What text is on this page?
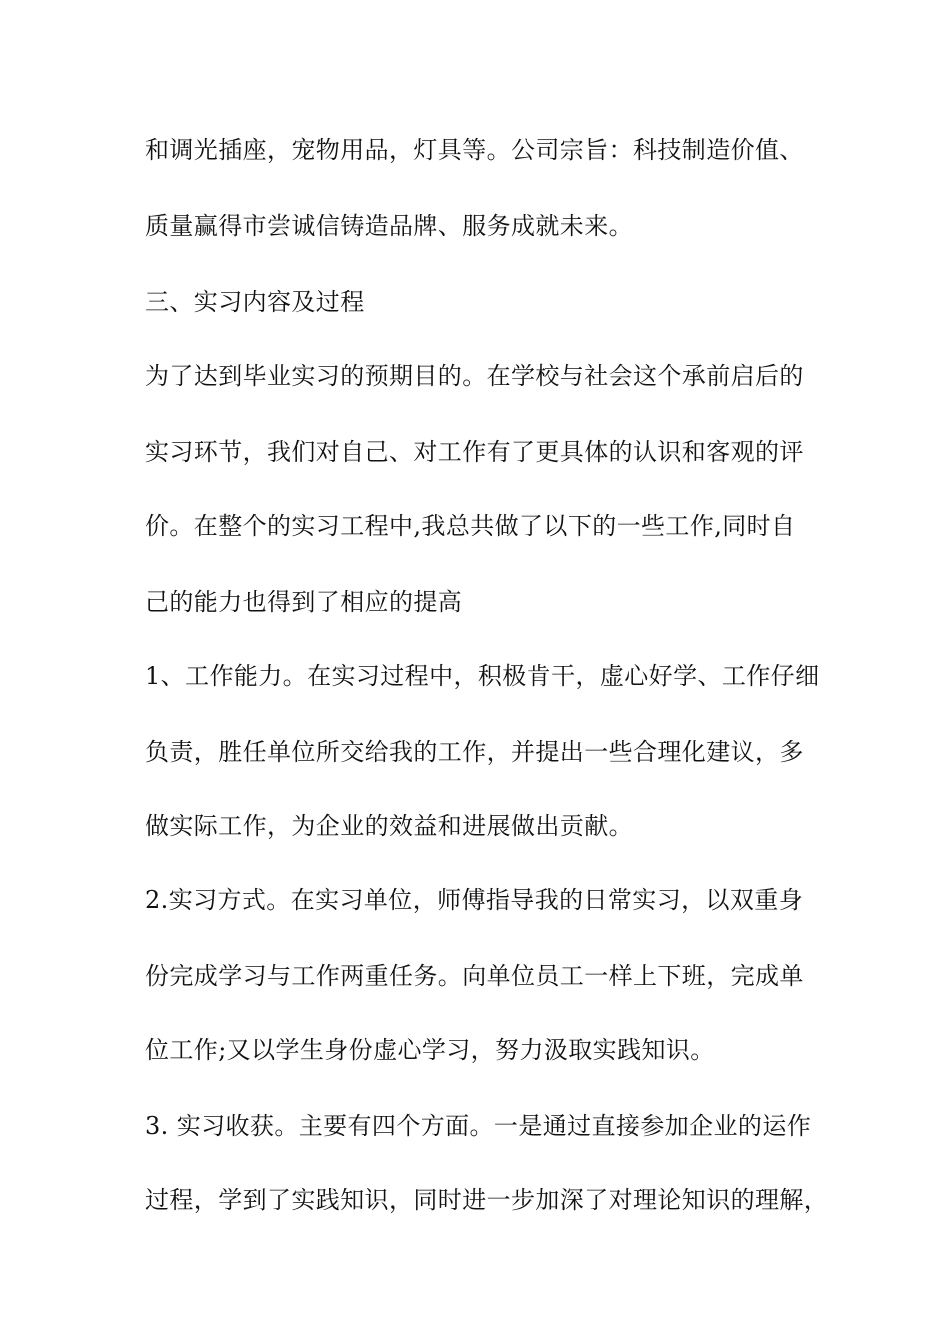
和调光插座，宠物用品，灯具等。公司宗旨：科技制造价值、
质量赢得市尝诚信铸造品牌、服务成就未来。
三、实习内容及过程
为了达到毕业实习的预期目的。在学校与社会这个承前启后的
实习环节，我们对自己、对工作有了更具体的认识和客观的评
价。在整个的实习工程中,我总共做了以下的一些工作,同时自
己的能力也得到了相应的提高
1、工作能力。在实习过程中，积极肯干，虚心好学、工作仔细
负责，胜任单位所交给我的工作，并提出一些合理化建议，多
做实际工作，为企业的效益和进展做出贡献。
2.实习方式。在实习单位，师傅指导我的日常实习，以双重身
份完成学习与工作两重任务。向单位员工一样上下班，完成单
位工作;又以学生身份虚心学习，努力汲取实践知识。
3. 实习收获。主要有四个方面。一是通过直接参加企业的运作
过程，学到了实践知识，同时进一步加深了对理论知识的理解，
